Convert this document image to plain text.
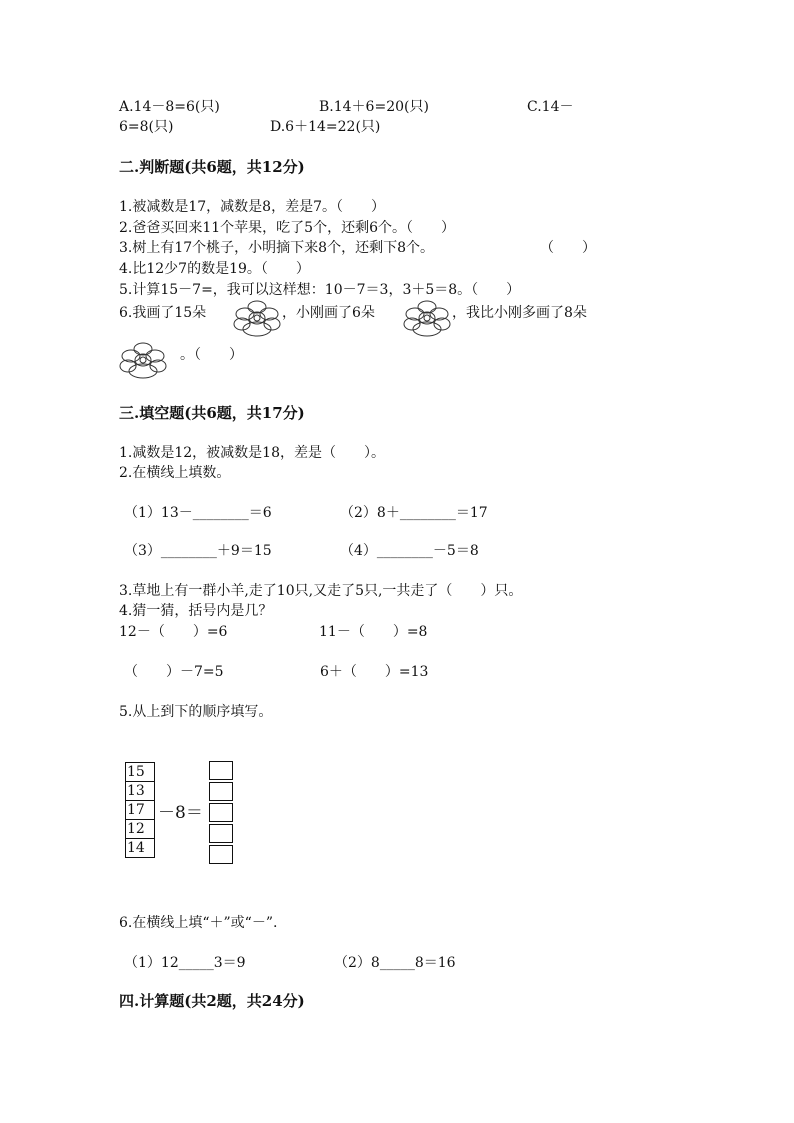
A.14－8=6(只)	B.14＋6=20(只)	C.14－
6=8(只)	D.6＋14=22(只)
二.判断题(共6题，共12分)
1.被减数是17，减数是8，差是7。（　　）
2.爸爸买回来11个苹果，吃了5个，还剩6个。（　　）
3.树上有17个桃子，小明摘下来8个，还剩下8个。	（　　）
4.比12少7的数是19。（　　）
5.计算15－7=，我可以这样想：10－7＝3，3＋5＝8。（　　）
6.我画了15朵	，小刚画了6朵	，我比小刚多画了8朵
。（　　）
三.填空题(共6题，共17分)
1.减数是12，被减数是18，差是（　　）。
2.在横线上填数。
（1）13－________＝6	（2）8＋________＝17
（3）________＋9＝15	（4）________－5＝8
3.草地上有一群小羊,走了10只,又走了5只,一共走了（　　）只。
4.猜一猜，括号内是几？
12－（　　）=6	11－（　　）=8
（　　）－7=5	6＋（　　）=13
5.从上到下的顺序填写。
15
13
17
12
14
－8＝
6.在横线上填“＋”或“－”.
（1）12_____3＝9	（2）8_____8＝16
四.计算题(共2题，共24分)
